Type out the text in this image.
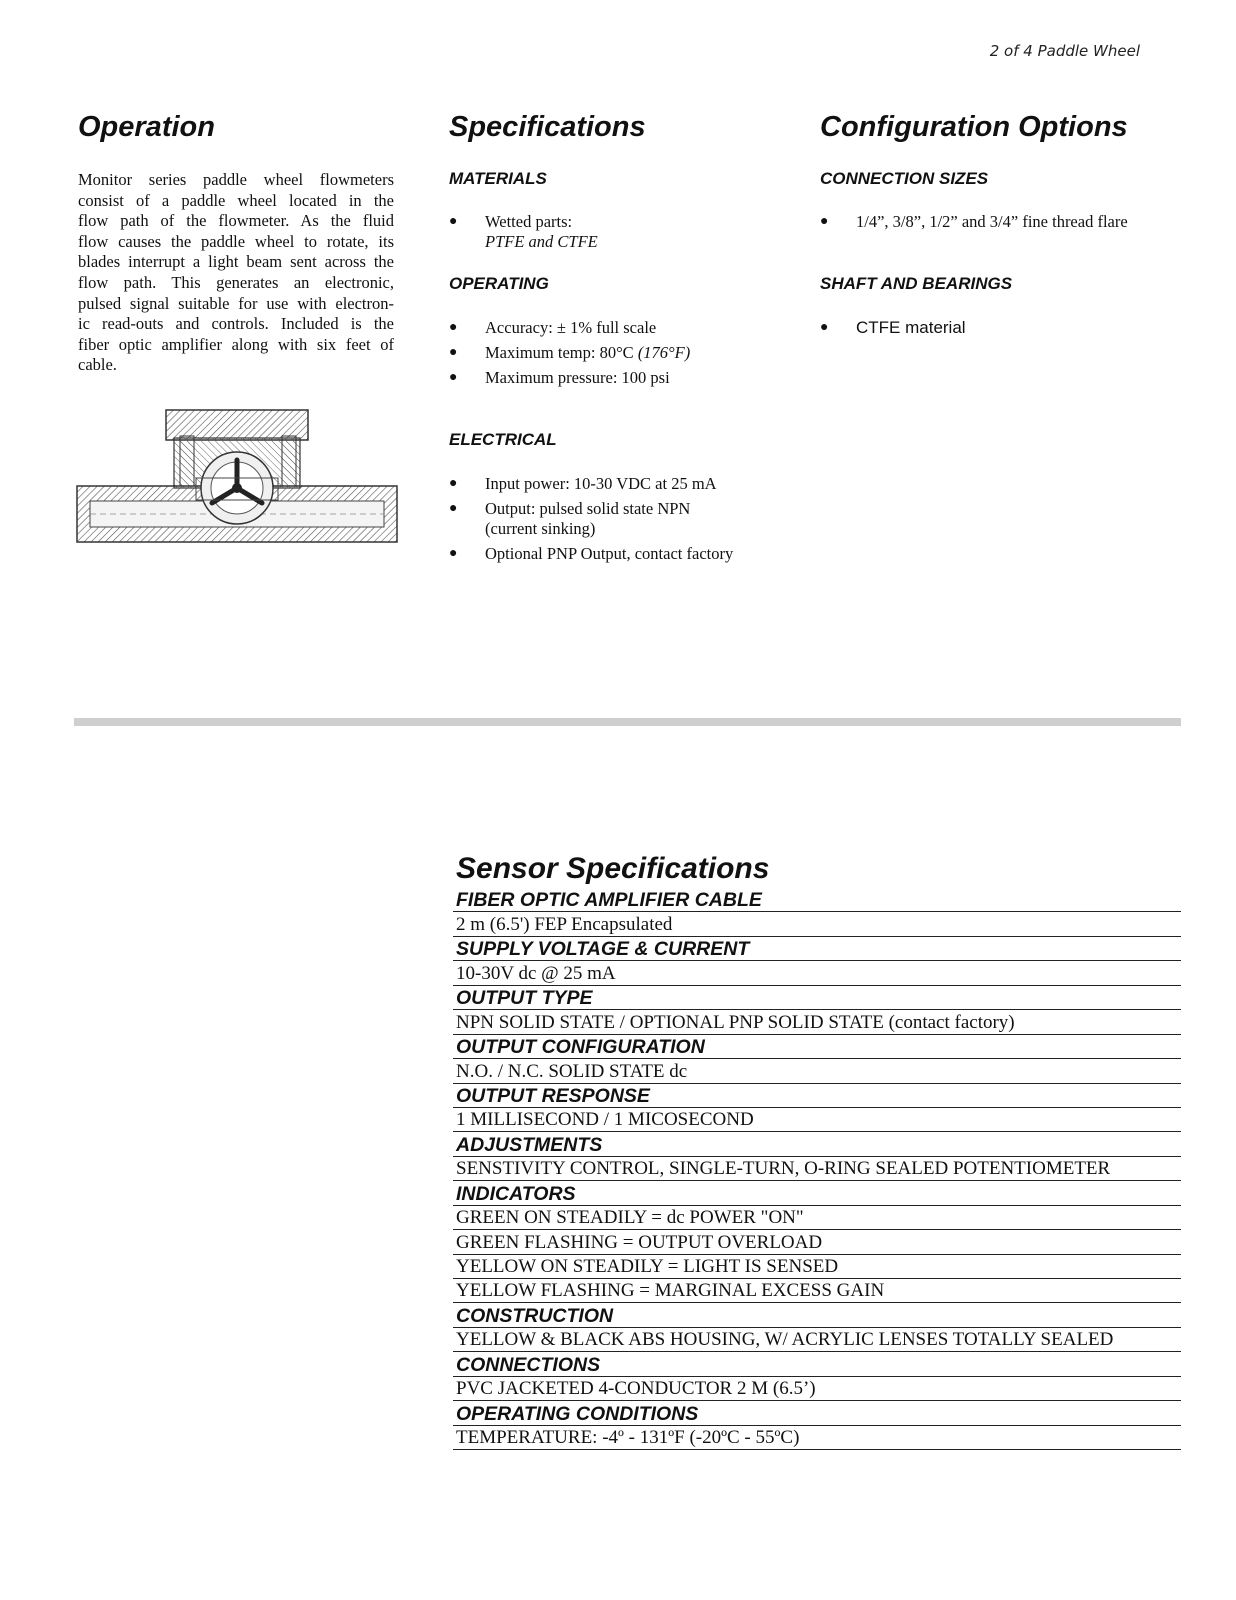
2 of 4 Paddle Wheel
Operation
Monitor series paddle wheel flowmeters
consist of a paddle wheel located in the
flow path of the flowmeter. As the fluid
flow causes the paddle wheel to rotate, its
blades interrupt a light beam sent across the
flow path. This generates an electronic,
pulsed signal suitable for use with electron-
ic read-outs and controls. Included is the
fiber optic amplifier along with six feet of
cable.
Specifications
MATERIALS
● Wetted parts:
PTFE and CTFE
OPERATING
● Accuracy: ± 1% full scale
● Maximum temp: 80°C (176°F)
● Maximum pressure: 100 psi
ELECTRICAL
● Input power: 10-30 VDC at 25 mA
● Output: pulsed solid state NPN
(current sinking)
● Optional PNP Output, contact factory
Configuration Options
CONNECTION SIZES
● 1/4”, 3/8”, 1/2” and 3/4” fine thread flare
SHAFT AND BEARINGS
● CTFE material
Sensor Specifications
FIBER OPTIC AMPLIFIER CABLE
2 m (6.5') FEP Encapsulated
SUPPLY VOLTAGE & CURRENT
10-30V dc @ 25 mA
OUTPUT TYPE
NPN SOLID STATE / OPTIONAL PNP SOLID STATE (contact factory)
OUTPUT CONFIGURATION
N.O. / N.C. SOLID STATE dc
OUTPUT RESPONSE
1 MILLISECOND / 1 MICOSECOND
ADJUSTMENTS
SENSTIVITY CONTROL, SINGLE-TURN, O-RING SEALED POTENTIOMETER
INDICATORS
GREEN ON STEADILY = dc POWER "ON"
GREEN FLASHING = OUTPUT OVERLOAD
YELLOW ON STEADILY = LIGHT IS SENSED
YELLOW FLASHING = MARGINAL EXCESS GAIN
CONSTRUCTION
YELLOW & BLACK ABS HOUSING, W/ ACRYLIC LENSES TOTALLY SEALED
CONNECTIONS
PVC JACKETED 4-CONDUCTOR 2 M (6.5’)
OPERATING CONDITIONS
TEMPERATURE: -4º - 131ºF (-20ºC - 55ºC)
